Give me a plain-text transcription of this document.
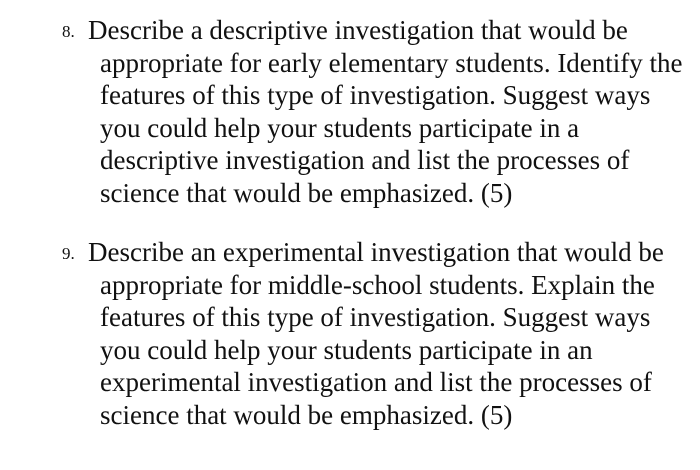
8. Describe a descriptive investigation that would be
appropriate for early elementary students. Identify the
features of this type of investigation. Suggest ways
you could help your students participate in a
descriptive investigation and list the processes of
science that would be emphasized. (5)
9. Describe an experimental investigation that would be
appropriate for middle-school students. Explain the
features of this type of investigation. Suggest ways
you could help your students participate in an
experimental investigation and list the processes of
science that would be emphasized. (5)
